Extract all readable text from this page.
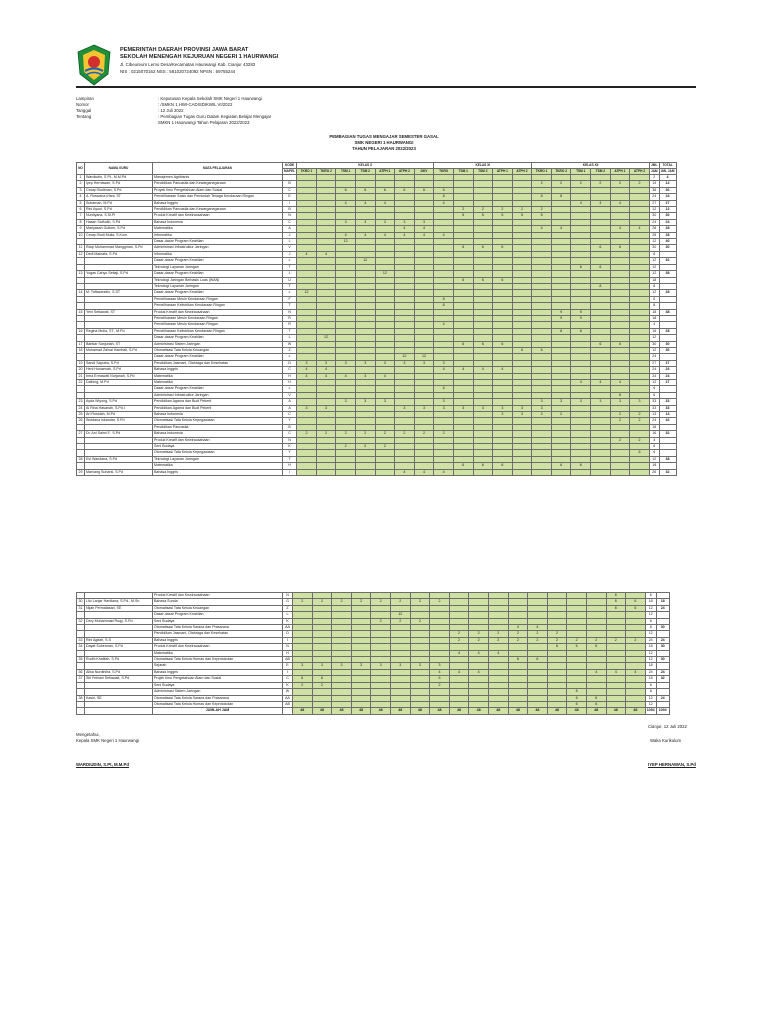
PEMERINTAH DAERAH PROVINSI JAWA BARAT
SEKOLAH MENENGAH KEJURUAN NEGERI 1 HAURWANGI
Jl. Cibeureum Lemo Desa/Kecamatan Haurwangi Kab. Cianjur 43283
NIS : 0215070162 NSS : 581020724092 NPSN : 69755244
Lampiran	: Keputusan Kepala Sekolah SMK Negeri 1 Haurwangi
Nomor	: /SMKN 1 HWI-CADISDIKWIL VI/2022
Tanggal	: 12 Juli 2022
Tentang	: Pembagian Tugas Guru Dalam Kegiatan Belajar Mengajar
SMKN 1 Haurwangi Tahun Pelajaran 2022/2023
PEMBAGIAN TUGAS MENGAJAR SEMESTER GASAL
SMK NEGERI 1 HAURWANGI
TAHUN PELAJARAN 2022/2023
NO	NAMA GURU	MATA PELAJARAN	KODE	KELAS X							KELAS XI					KELAS XII						JML	TOTAL
			MAPEL	TKRO 1	TKRO 2	TSM 1	TSM 2	ATPH 1	ATPH 2	DKV	TKRO	TSM 1	TSM 2	ATPH 1	ATPH 2	TKRO 1	TKRO 2	TSM 1	TSM 2	ATPH 1	ATPH 2	JAM	JML JAM
1	Wardiudin, S.Pt., M.M.Pd	Manajemen Agribisnis																				2	4
2	Iyep Hernawan, S.Pd	Pendidikan Pancasila dan Kewarganegaraan	B													2	2	2	2	2	2	14	14
3	Cecep Budiman, S.Pd	Proyek Ilmu Pengetahuan Alam dan Sosial	C			6	6	6	6	6	6											36	36
4	A. Ruswana Irfani, ST	Pemeliharaan Sasis dan Pemindah Tenaga Kendaraan Ringan	E								8					8	8					24	24
5	Sukarnan, M.Pd	Bahasa Inggris	I			4	4	4			4							4	4	4		27	27
6	Rini Ayuni, S.Pd	Pendidikan Pancasila dan Kewarganegaraan	B									2	2	2	2	2						12	12
7	Nurdiyana, S.Si.Pi	Produk Kreatif dan Kewirausahaan	N									5	5	5	5	5						30	30
8	Hasan Saifudin, S.Pd	Bahasa Indonesia	C			3	3	3	3	3												24	24
9	Mariyasah Gultom, S.Pd	Matematika	A						4	4						4	4			4	4	28	28
10	Cecep Budi Mulia, S.Kom	Informatika	J			4	4	4	4	4	4											28	28
		Dasar-dasar Program Keahlian	L			12																12	40
11	Rizqi Muhammad Mangginan, S.Pd	Administrasi Infrastruktur Jaringan	V									6	6	6					6	6		30	30
12	Dedi Mainafa, S.Pd	Informatika	J	4	4																	8	
		Dasar-dasar Program Keahlian	L				12															12	32
		Teknologi Layanan Jaringan	T															6	6			12	
13	Yogas Cahyo Setiaji, S.Pd	Dasar-dasar Program Keahlian	L					12														12	38
		Teknologi Jaringan Berbasis Luas (WAN)	U									6	6	6								18	
		Teknologi Layanan Jaringan	T																8			8	
14	M. Taftazanidin, S.ST	Dasar-dasar Program Keahlian	L	12																		12	28
		Pemeliharaan Mesin Kendaraan Ringan	F								8											8	
		Pemeliharaan Kelistrikan Kendaraan Ringan	T								8											8	
15	Yeni Setiawati, ST	Produk Kreatif dan Kewirausahaan	N														9	9				18	38
		Pemeliharaan Mesin Kendaraan Ringan	R														9	9				18	
		Pemeliharaan Mesin Kendaraan Ringan	R								4											4	
16	Regina Mulia, ST., M.Pd	Pemeliharaan Kelistrikan Kendaraan Ringan	T														8	8				16	28
		Dasar-dasar Program Keahlian	L		12																	12	
17	Bahtiar Sanjuriah, ST	Administrasi Sistem Jaringan	W									6	6	6					6	6		30	30
18	Muhamad Zainal Hambali, S.Pd	Otomatisasi Tata Kelola Keuangan	Z												6	6						12	36
		Dasar-dasar Program Keahlian	L						12	12												24	
19	Sandi Saputra, S.Pd	Pendidikan Jasmani, Olahraga dan Kesehatan	D	3	3	3	3	3	3	3	3											27	27
20	Heni Hunaenah, S.Pd	Bahasa Inggris	C	4	4						4	4	4	4								24	24
21	Irma Ermawati Nurjanah, S.Pd	Matematika	H	4	4	4	4	4														24	24
22	Daihing, M.Pd	Matematika	H															4	4	4		12	27
		Dasar-dasar Program Keahlian	L								6											6	
		Administrasi Infrastruktur Jaringan	V																	6		6	
23	Ayda Wiyong, S.Pd	Pendidikan Agama dan Budi Pekerti	A			3	3	3			3					3	3	3	3	3	3	33	33
24	Ai Rina Hasanah, S.Pd.I	Pendidikan Agama dan Budi Pekerti	A	3	3				3	3	3	3	3	3	3	3						33	33
25	Ari Rosidah, M.Pd	Bahasa Indonesia	C											3	3	2	2			2	2	13	13
26	Woidana Iskandar, S.Pd	Otomatisasi Tata Kelola Kepegawaian	Y																	2	2	24	42
		Pendidikan Pancasila	B																			18	
27	Dr. Ani Salmi F., S.Pd	Bahasa Indonesia	C	2	2	2	2	2	2	2	2											16	32
		Produk Kreatif dan Kewirausahaan	N																	2	2	4	
		Seni Budaya	K			2	2	2														6	
		Otomatisasi Tata Kelola Kepegawaian	Y																		6	6	
28	Evi Wandana, S.Pd	Teknologi Layanan Jaringan	T																			12	38
		Matematika	H									6	6	6			6	6				18	
29	Marvang Suharsi, S.Pd	Bahasa Inggris	I						4	4	4											26	32
		Produk Kreatif dan Kewirausahaan	N																	6		6	
30	Lilo Lanjar Hardiana, S.Pd., M.Sn	Bahasa Sunda	G	2	2	2	2	2	2	2	2									6	6	18	18
31	Nijah Permatasari, SE	Otomatisasi Tata Kelola Keuangan	Z																	6	6	12	24
		Dasar-dasar Program Keahlian	L						12													12	
32	Dery Muhammad Ruqy, S.Pd	Seni Budaya	K					2	2	2												6	
		Otomatisasi Tata Kelola Sarana dan Prasarana	AA												4	4						8	30
		Pendidikan Jasmani, Olahraga dan Kesehatan	D									2	2	2	2	2	2					12	
33	Rini Agitah, S.S	Bahasa Inggris	I									2	2	2	2	2	2	2	2	2	2	24	24
34	Dayat Suherman, S.Pd	Produk Kreatif dan Kewirausahaan	N														6	6	6			18	30
		Matematika	H									4	4	4								12	
35	Rudhi Khalifah, S.Pd	Otomatisasi Tata Kelola Humas dan Keprotokolan	AB												6	6						12	30
		Sejarah	E	3	3	3	3	3	3	3	3											18	
36	Alisa Nurdiniha, S.Pd	Bahasa Inggris	I								4	4	4						4	4	4	24	24
37	Siti Febiani Setiawati, S.Pd	Projek Ilmu Pengetahuan Alam dan Sosial	C	6	6						6											18	32
		Seni Budaya	K	2	2						2											6	
		Administrasi Sistem Jaringan	W															8				8	
38	Kasin, SE	Otomatisasi Tata Kelola Sarana dan Prasarana	AA															6	6			12	24
		Otomatisasi Tata Kelola Humas dan Keprotokolan	AB															6	6			12	
		JUMLAH JAM		48	48	48	48	48	48	48	48	48	48	48	48	48	48	48	48	48	48	1094	1094
Cianjur, 12 Juli 2022
Mengetahui,
Kepala SMK Negeri 1 Haurwangi	Waka Kurikulum
WARDIUDIN, S.Pt, M.M.Pd	IYEP HERNAWAN, S.Pd
